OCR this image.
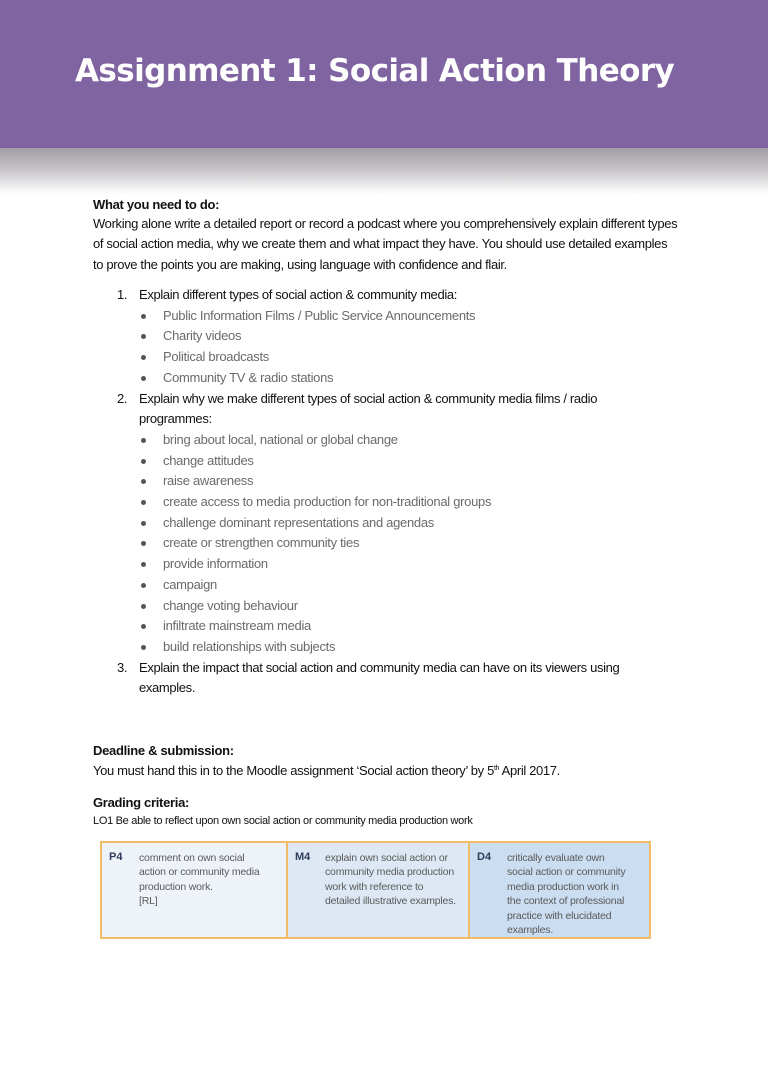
Assignment 1: Social Action Theory
What you need to do:
Working alone write a detailed report or record a podcast where you comprehensively explain different types of social action media, why we create them and what impact they have. You should use detailed examples to prove the points you are making, using language with confidence and flair.
1. Explain different types of social action & community media:
Public Information Films / Public Service Announcements
Charity videos
Political broadcasts
Community TV & radio stations
2. Explain why we make different types of social action & community media films / radio programmes:
bring about local, national or global change
change attitudes
raise awareness
create access to media production for non-traditional groups
challenge dominant representations and agendas
create or strengthen community ties
provide information
campaign
change voting behaviour
infiltrate mainstream media
build relationships with subjects
3. Explain the impact that social action and community media can have on its viewers using examples.
Deadline & submission:
You must hand this in to the Moodle assignment ‘Social action theory’ by 5th April 2017.
Grading criteria:
LO1 Be able to reflect upon own social action or community media production work
P4 comment on own social
action or community media
production work.
[RL]
M4 explain own social action or
community media production
work with reference to
detailed illustrative examples.
D4 critically evaluate own
social action or community
media production work in
the context of professional
practice with elucidated
examples.
